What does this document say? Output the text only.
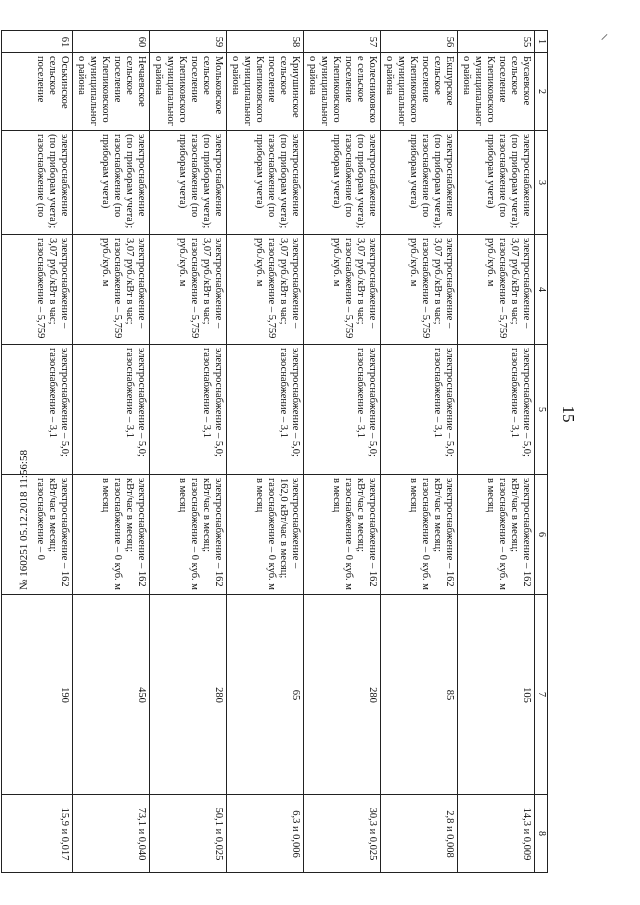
15
⸌
1	2	3	4	5	6	7	8
55	Бусаевское сельское поселение Клепиковского муниципального района	электроснабжение (по приборам учета); газоснабжение (по приборам учета)	электроснабжение – 3,07 руб./кВт в час; газоснабжение – 5,759 руб./куб. м	электроснабжение – 5,0; газоснабжение – 3,1	электроснабжение – 162 кВт/час в месяц; газоснабжение – 0 куб. м в месяц	105	14,3 и 0,009
56	Екшурское сельское поселение Клепиковского муниципального района	электроснабжение (по приборам учета); газоснабжение (по приборам учета)	электроснабжение – 3,07 руб./кВт в час; газоснабжение – 5,759 руб./куб. м	электроснабжение – 5,0; газоснабжение – 3,1	электроснабжение – 162 кВт/час в месяц; газоснабжение – 0 куб. м в месяц	85	2,8 и 0,008
57	Колесниковское сельское поселение Клепиковского муниципального района	электроснабжение (по приборам учета); газоснабжение (по приборам учета)	электроснабжение – 3,07 руб./кВт в час; газоснабжение – 5,759 руб./куб. м	электроснабжение – 5,0; газоснабжение – 3,1	электроснабжение – 162 кВт/час в месяц; газоснабжение – 0 куб. м в месяц	280	30,3 и 0,025
58	Криушинское сельское поселение Клепиковского муниципального района	электроснабжение (по приборам учета); газоснабжение (по приборам учета)	электроснабжение – 3,07 руб./кВт в час; газоснабжение – 5,759 руб./куб. м	электроснабжение – 5,0; газоснабжение – 3,1	электроснабжение – 162,0 кВт/час в месяц; газоснабжение – 0 куб. м в месяц	65	6,3 и 0,006
59	Мольковское сельское поселение Клепиковского муниципального района	электроснабжение (по приборам учета); газоснабжение (по приборам учета)	электроснабжение – 3,07 руб./кВт в час; газоснабжение – 5,759 руб./куб. м	электроснабжение – 5,0; газоснабжение – 3,1	электроснабжение – 162 кВт/час в месяц; газоснабжение – 0 куб. м в месяц	280	50,1 и 0,025
60	Нечаевское сельское поселение Клепиковского муниципального района	электроснабжение (по приборам учета); газоснабжение (по приборам учета)	электроснабжение – 3,07 руб./кВт в час; газоснабжение – 5,759 руб./куб. м	электроснабжение – 5,0; газоснабжение – 3,1	электроснабжение – 162 кВт/час в месяц; газоснабжение – 0 куб. м в месяц	450	73,1 и 0,040
61	Оськинское сельское поселение	электроснабжение (по приборам учета); газоснабжение (по	электроснабжение – 3,07 руб./кВт в час; газоснабжение – 5,759	электроснабжение – 5,0; газоснабжение – 3,1	электроснабжение – 162 кВт/час в месяц; газоснабжение – 0	190	15,9 и 0,017
№ 160251 05.12.2018 11:56:58
